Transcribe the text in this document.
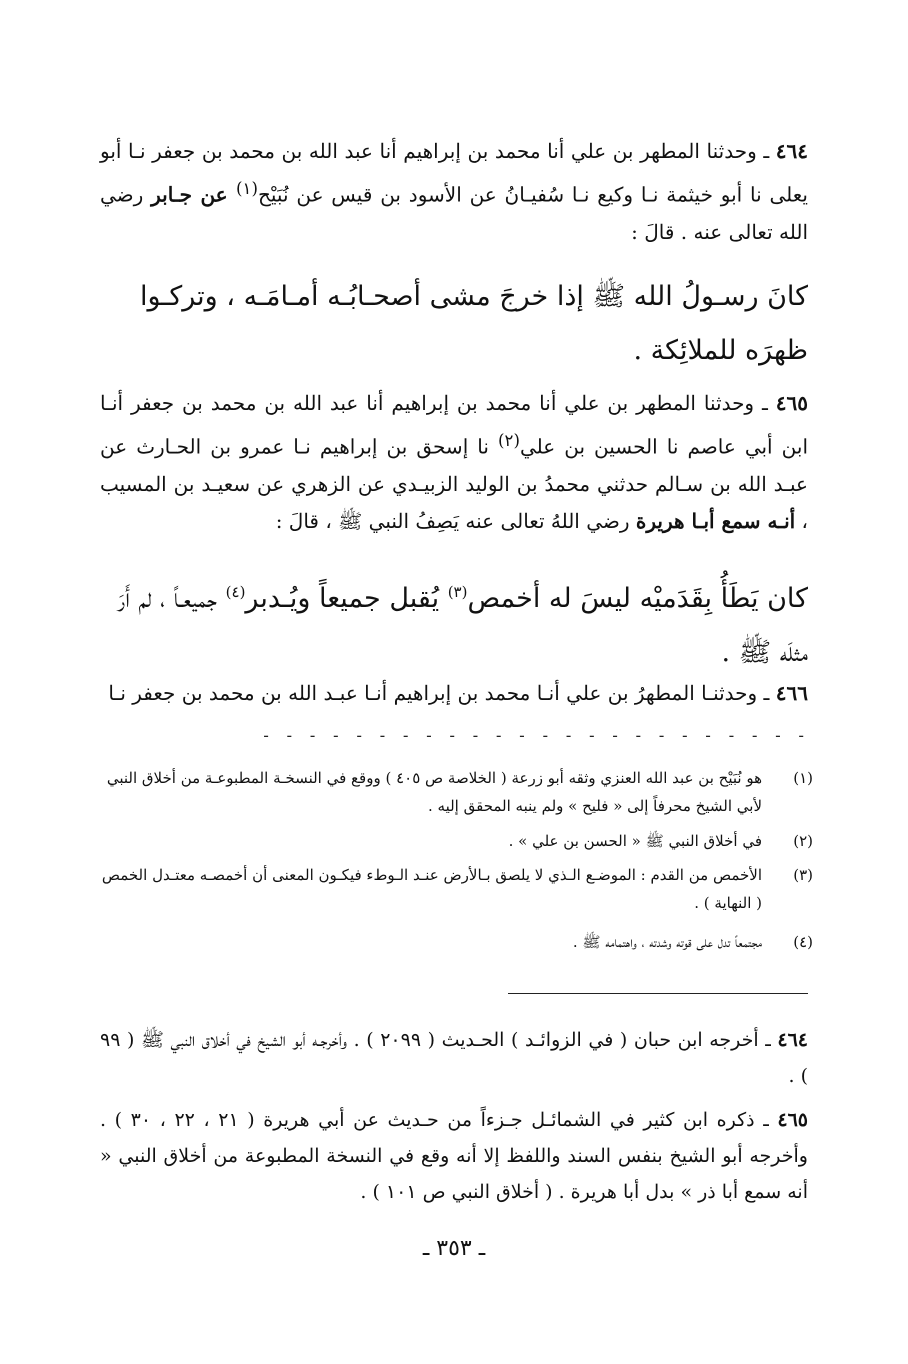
٤٦٤ ـ وحدثنا المطهر بن علي أنا محمد بن إبراهيم أنا عبد الله بن محمد بن جعفر نـا أبو يعلى نا أبو خيثمة نـا وكيع نـا سُفيـانُ عن الأسود بن قيس عن نُبَيْح$^{(١)}$ عن جـابر رضي الله تعالى عنه . قالَ :
كانَ رسـولُ الله ﷺ إذا خرجَ مشى أصحـابُـه أمـامَـه ، وتركـوا ظهرَه للملائِكة .
٤٦٥ ـ وحدثنا المطهر بن علي أنا محمد بن إبراهيم أنا عبد الله بن محمد بن جعفر أنـا ابن أبي عاصم نا الحسين بن علي$^{(٢)}$ نا إسحق بن إبراهيم نـا عمرو بن الحـارث عن عبـد الله بن سـالم حدثني محمدُ بن الوليد الزبيـدي عن الزهري عن سعيـد بن المسيب ، أنـه سمع أبـا هريرة رضي اللهُ تعالى عنه يَصِفُ النبي ﷺ ، قالَ :
كان يَطَأُ بِقَدَميْه ليسَ له أخمص$^{(٣)}$ يُقبل جميعاً ويُـدبر$^{(٤)}$ جميعـاً ، لم أَرَ مثلَه ﷺ .
٤٦٦ ـ وحدثنـا المطهرُ بن علي أنـا محمد بن إبراهيم أنـا عبـد الله بن محمد بن جعفر نـا
- - - - - - - - - - - - - - - - - - - - - - - -
(١)
هو نُبَيْح بن عبد الله العنزي وثقه أبو زرعة ( الخلاصة ص ٤٠٥ ) ووقع في النسخـة المطبوعـة من أخلاق النبي لأبي الشيخ محرفاً إلى « فليح » ولم ينبه المحقق إليه .
(٢)
في أخلاق النبي ﷺ « الحسن بن علي » .
(٣)
الأخمص من القدم : الموضـع الـذي لا يلصق بـالأرض عنـد الـوطء فيكـون المعنى أن أخمصـه معتـدل الخمص ( النهاية ) .
(٤)
مجتمعاً تدل على قوته وشدته ، واهتمامه ﷺ .
٤٦٤ ـ أخرجه ابن حبان ( في الزوائـد ) الحـديث ( ٢٠٩٩ ) . وأخرجـه أبو الشيخ في أخلاق النبي ﷺ ( ٩٩ ) .
٤٦٥ ـ ذكره ابن كثير في الشمائـل جـزءاً من حـديث عن أبي هريرة ( ٢١ ، ٢٢ ، ٣٠ ) . وأخرجه أبو الشيخ بنفس السند واللفظ إلا أنه وقع في النسخة المطبوعة من أخلاق النبي « أنه سمع أبا ذر » بدل أبا هريرة . ( أخلاق النبي ص ١٠١ ) .
ـ ٣٥٣ ـ
